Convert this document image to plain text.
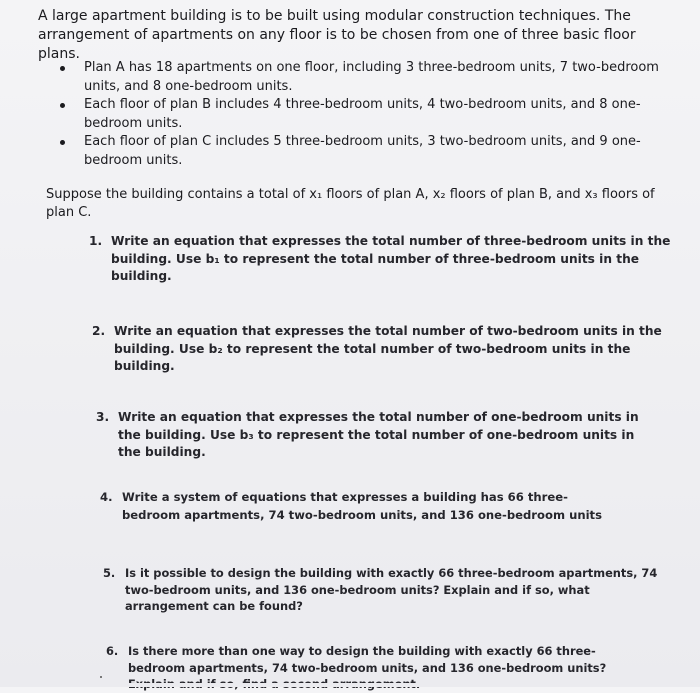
A large apartment building is to be built using modular construction techniques. The arrangement of apartments on any floor is to be chosen from one of three basic floor plans.

Plan A has 18 apartments on one floor, including 3 three-bedroom units, 7 two-bedroom units, and 8 one-bedroom units.
Each floor of plan B includes 4 three-bedroom units, 4 two-bedroom units, and 8 one-bedroom units.
Each floor of plan C includes 5 three-bedroom units, 3 two-bedroom units, and 9 one-bedroom units.

Suppose the building contains a total of x₁ floors of plan A, x₂ floors of plan B, and x₃ floors of plan C.

1. Write an equation that expresses the total number of three-bedroom units in the building. Use b₁ to represent the total number of three-bedroom units in the building.
2. Write an equation that expresses the total number of two-bedroom units in the building. Use b₂ to represent the total number of two-bedroom units in the building.
3. Write an equation that expresses the total number of one-bedroom units in the building. Use b₃ to represent the total number of one-bedroom units in the building.
4. Write a system of equations that expresses a building has 66 three-bedroom apartments, 74 two-bedroom units, and 136 one-bedroom units
5. Is it possible to design the building with exactly 66 three-bedroom apartments, 74 two-bedroom units, and 136 one-bedroom units? Explain and if so, what arrangement can be found?
6. Is there more than one way to design the building with exactly 66 three-bedroom apartments, 74 two-bedroom units, and 136 one-bedroom units?
